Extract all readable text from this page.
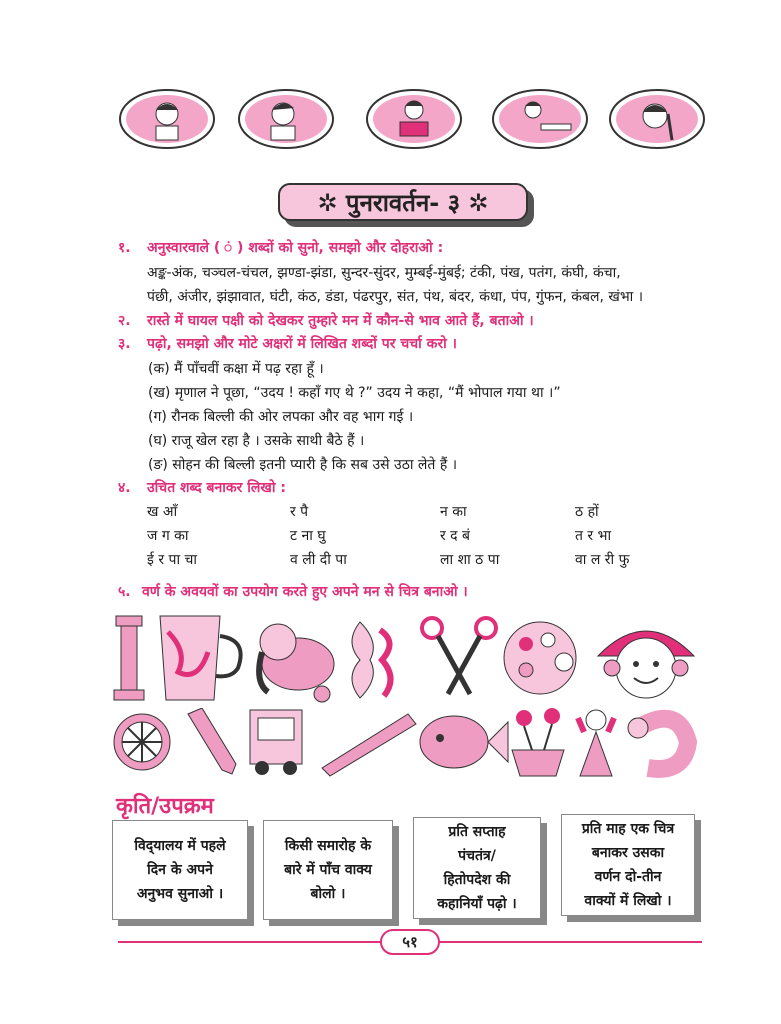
✲ पुनरावर्तन- ३ ✲
१. अनुस्वारवाले ( ं ) शब्दों को सुनो, समझो और दोहराओ :
अङ्क-अंक, चञ्चल-चंचल, झण्डा-झंडा, सुन्दर-सुंदर, मुम्बई-मुंबई; टंकी, पंख, पतंग, कंघी, कंचा,
पंछी, अंजीर, झंझावात, घंटी, कंठ, डंडा, पंढरपुर, संत, पंथ, बंदर, कंधा, पंप, गुंफन, कंबल, खंभा ।
२. रास्ते में घायल पक्षी को देखकर तुम्हारे मन में कौन-से भाव आते हैं, बताओ ।
३. पढ़ो, समझो और मोटे अक्षरों में लिखित शब्दों पर चर्चा करो ।
(क) मैं पाँचवीं कक्षा में पढ़ रहा हूँ ।
(ख) मृणाल ने पूछा, “उदय ! कहाँ गए थे ?” उदय ने कहा, “मैं भोपाल गया था ।”
(ग) रौनक बिल्ली की ओर लपका और वह भाग गई ।
(घ) राजू खेल रहा है । उसके साथी बैठे हैं ।
(ङ) सोहन की बिल्ली इतनी प्यारी है कि सब उसे उठा लेते हैं ।
४. उचित शब्द बनाकर लिखो :
ख आँ	र पै	न का	ठ हों
ज ग का	ट ना घु	र द बं	त र भा
ई र पा चा	व ली दी पा	ला शा ठ पा	वा ल री फु
५. वर्ण के अवयवों का उपयोग करते हुए अपने मन से चित्र बनाओ ।
कृति/उपक्रम
विद्‌यालय में पहले
दिन के अपने
अनुभव सुनाओ ।
किसी समारोह के
बारे में पाँच वाक्य
बोलो ।
प्रति सप्ताह
पंचतंत्र/
हितोपदेश की
कहानियाँ पढ़ो ।
प्रति माह एक चित्र
बनाकर उसका
वर्णन दो-तीन
वाक्यों में लिखो ।
५१
